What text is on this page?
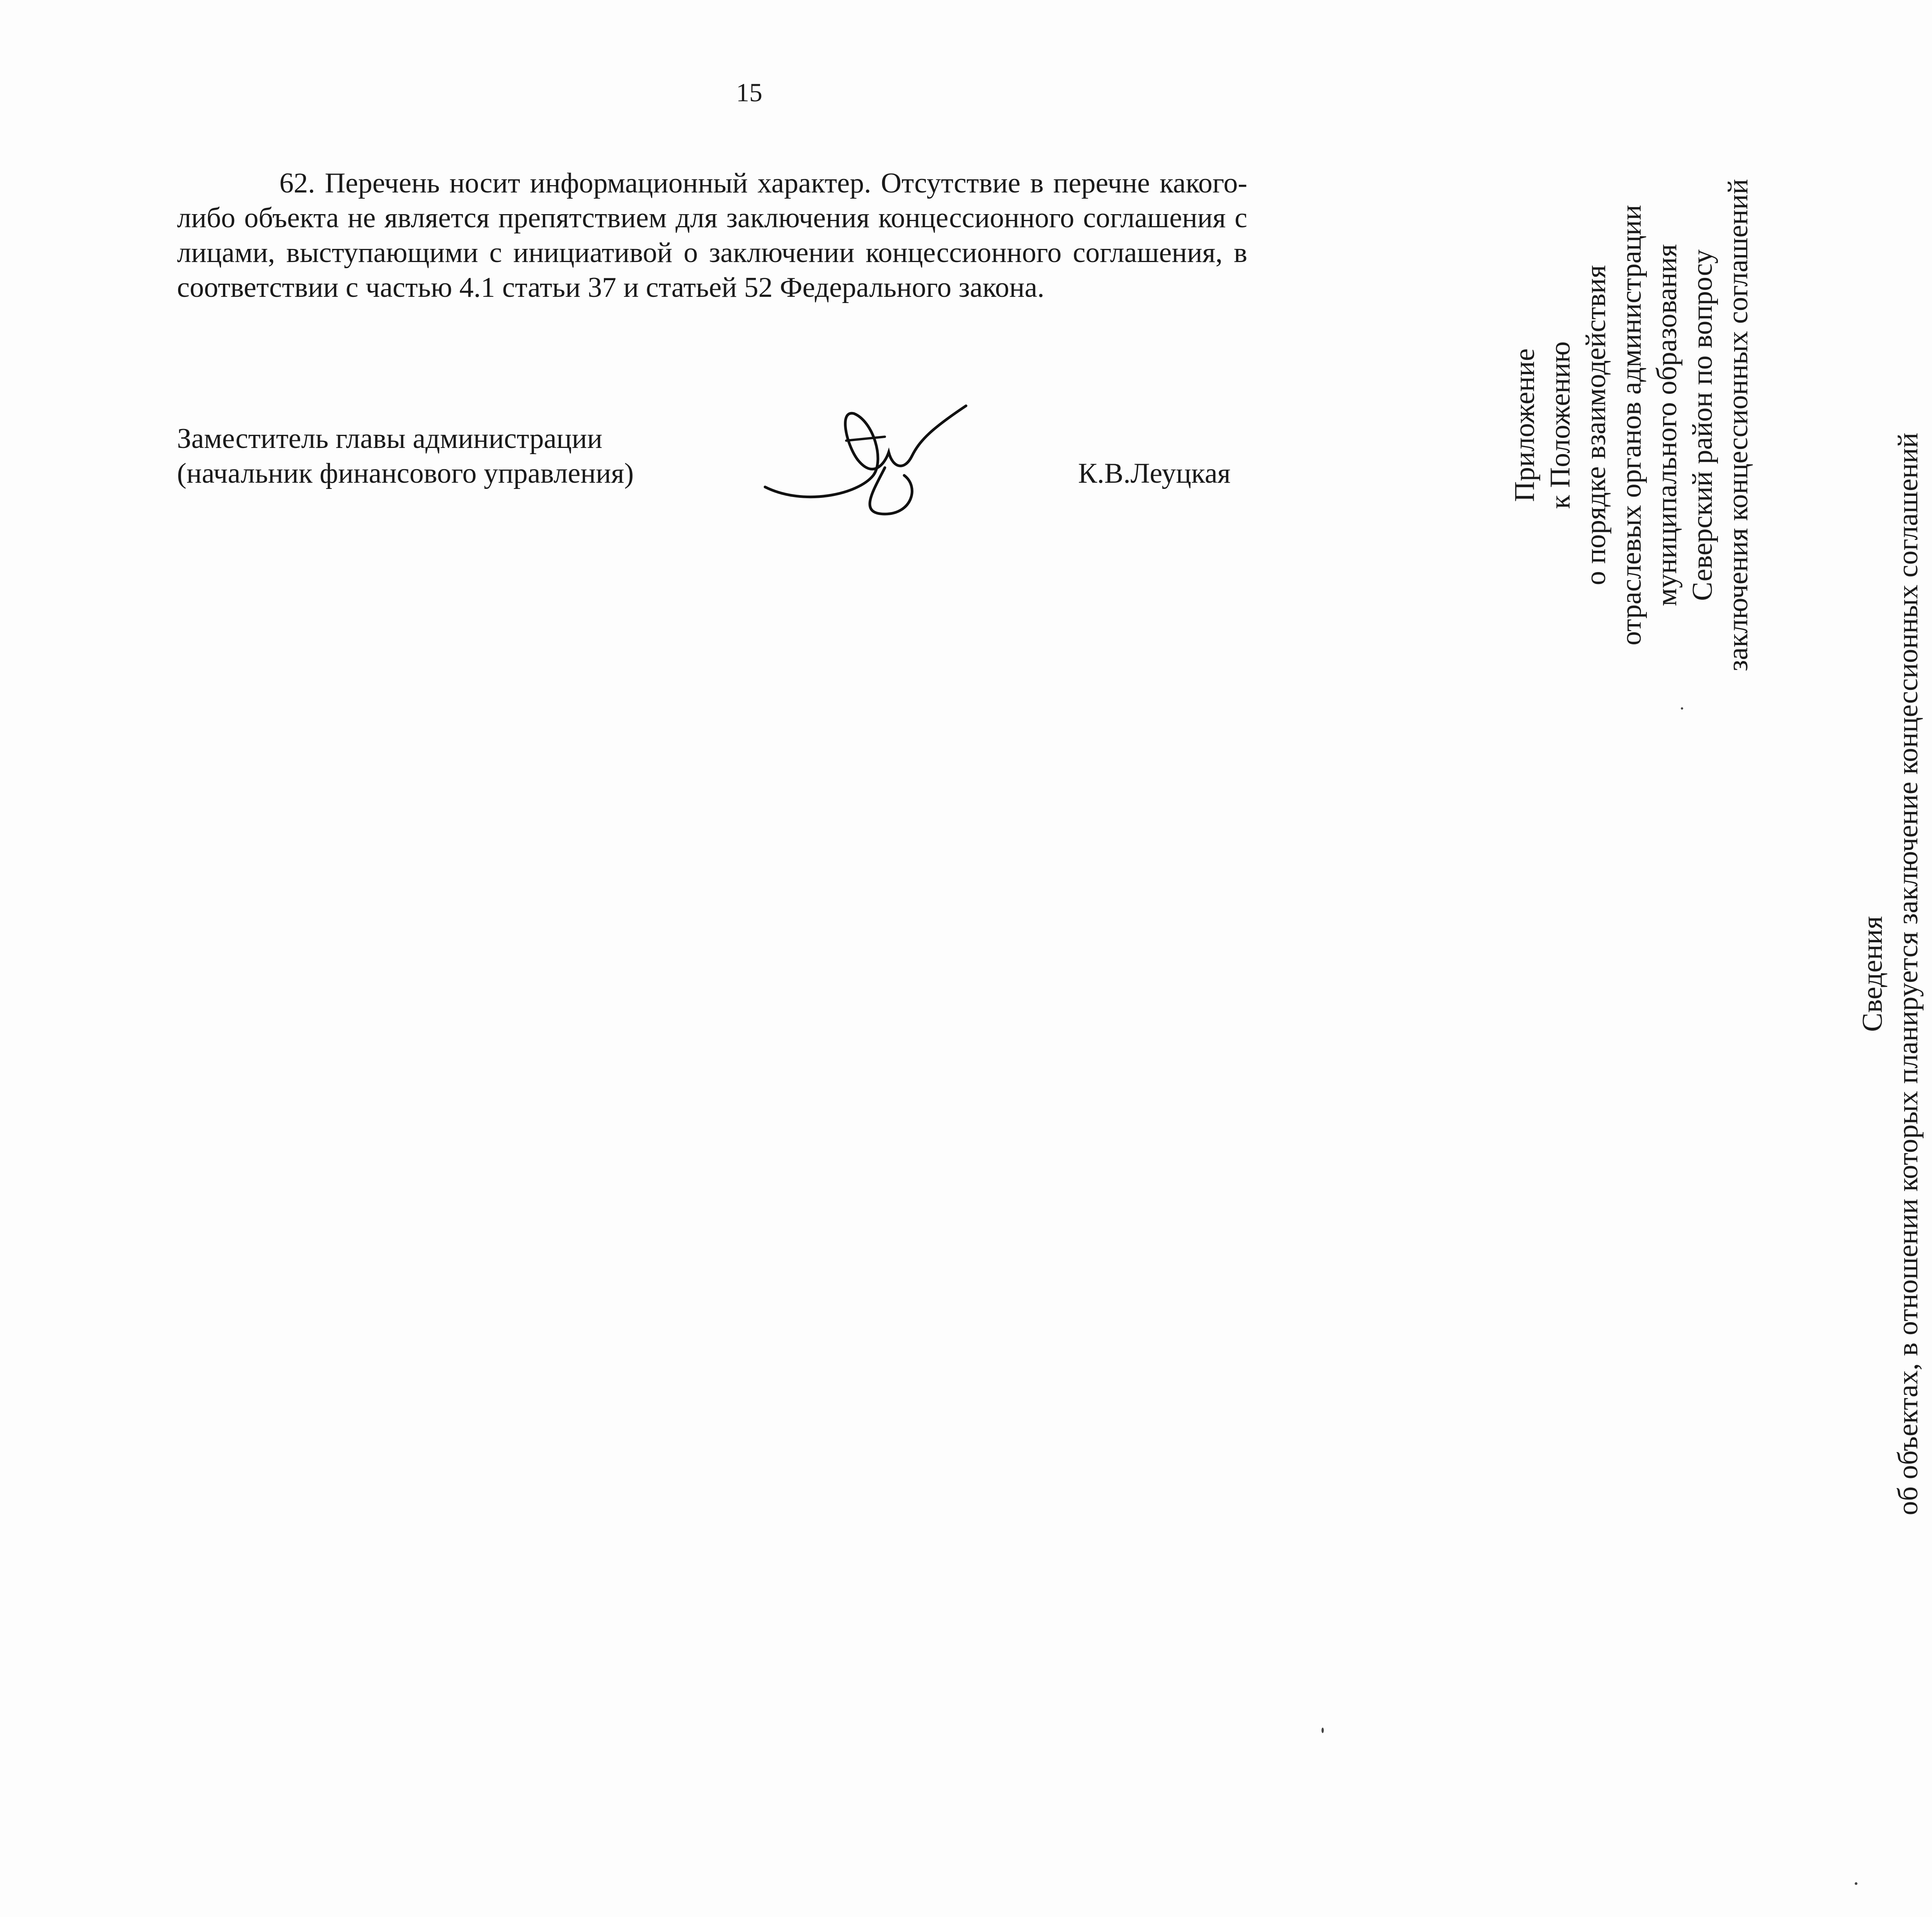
15

62. Перечень носит информационный характер. Отсутствие в перечне какого-либо объекта не является препятствием для заключения концессионного соглашения с лицами, выступающими с инициативой о заключении концессионного соглашения, в соответствии с частью 4.1 статьи 37 и статьей 52 Федерального закона.

Заместитель главы администрации
(начальник финансового управления)	К.В.Леуцкая	Приложение к Положению о порядке взаимодействия отраслевых органов администрации муниципального образования Северский район по вопросу заключения концессионных соглашений
Сведения об объектах, в отношении которых планируется заключение концессионных соглашений
